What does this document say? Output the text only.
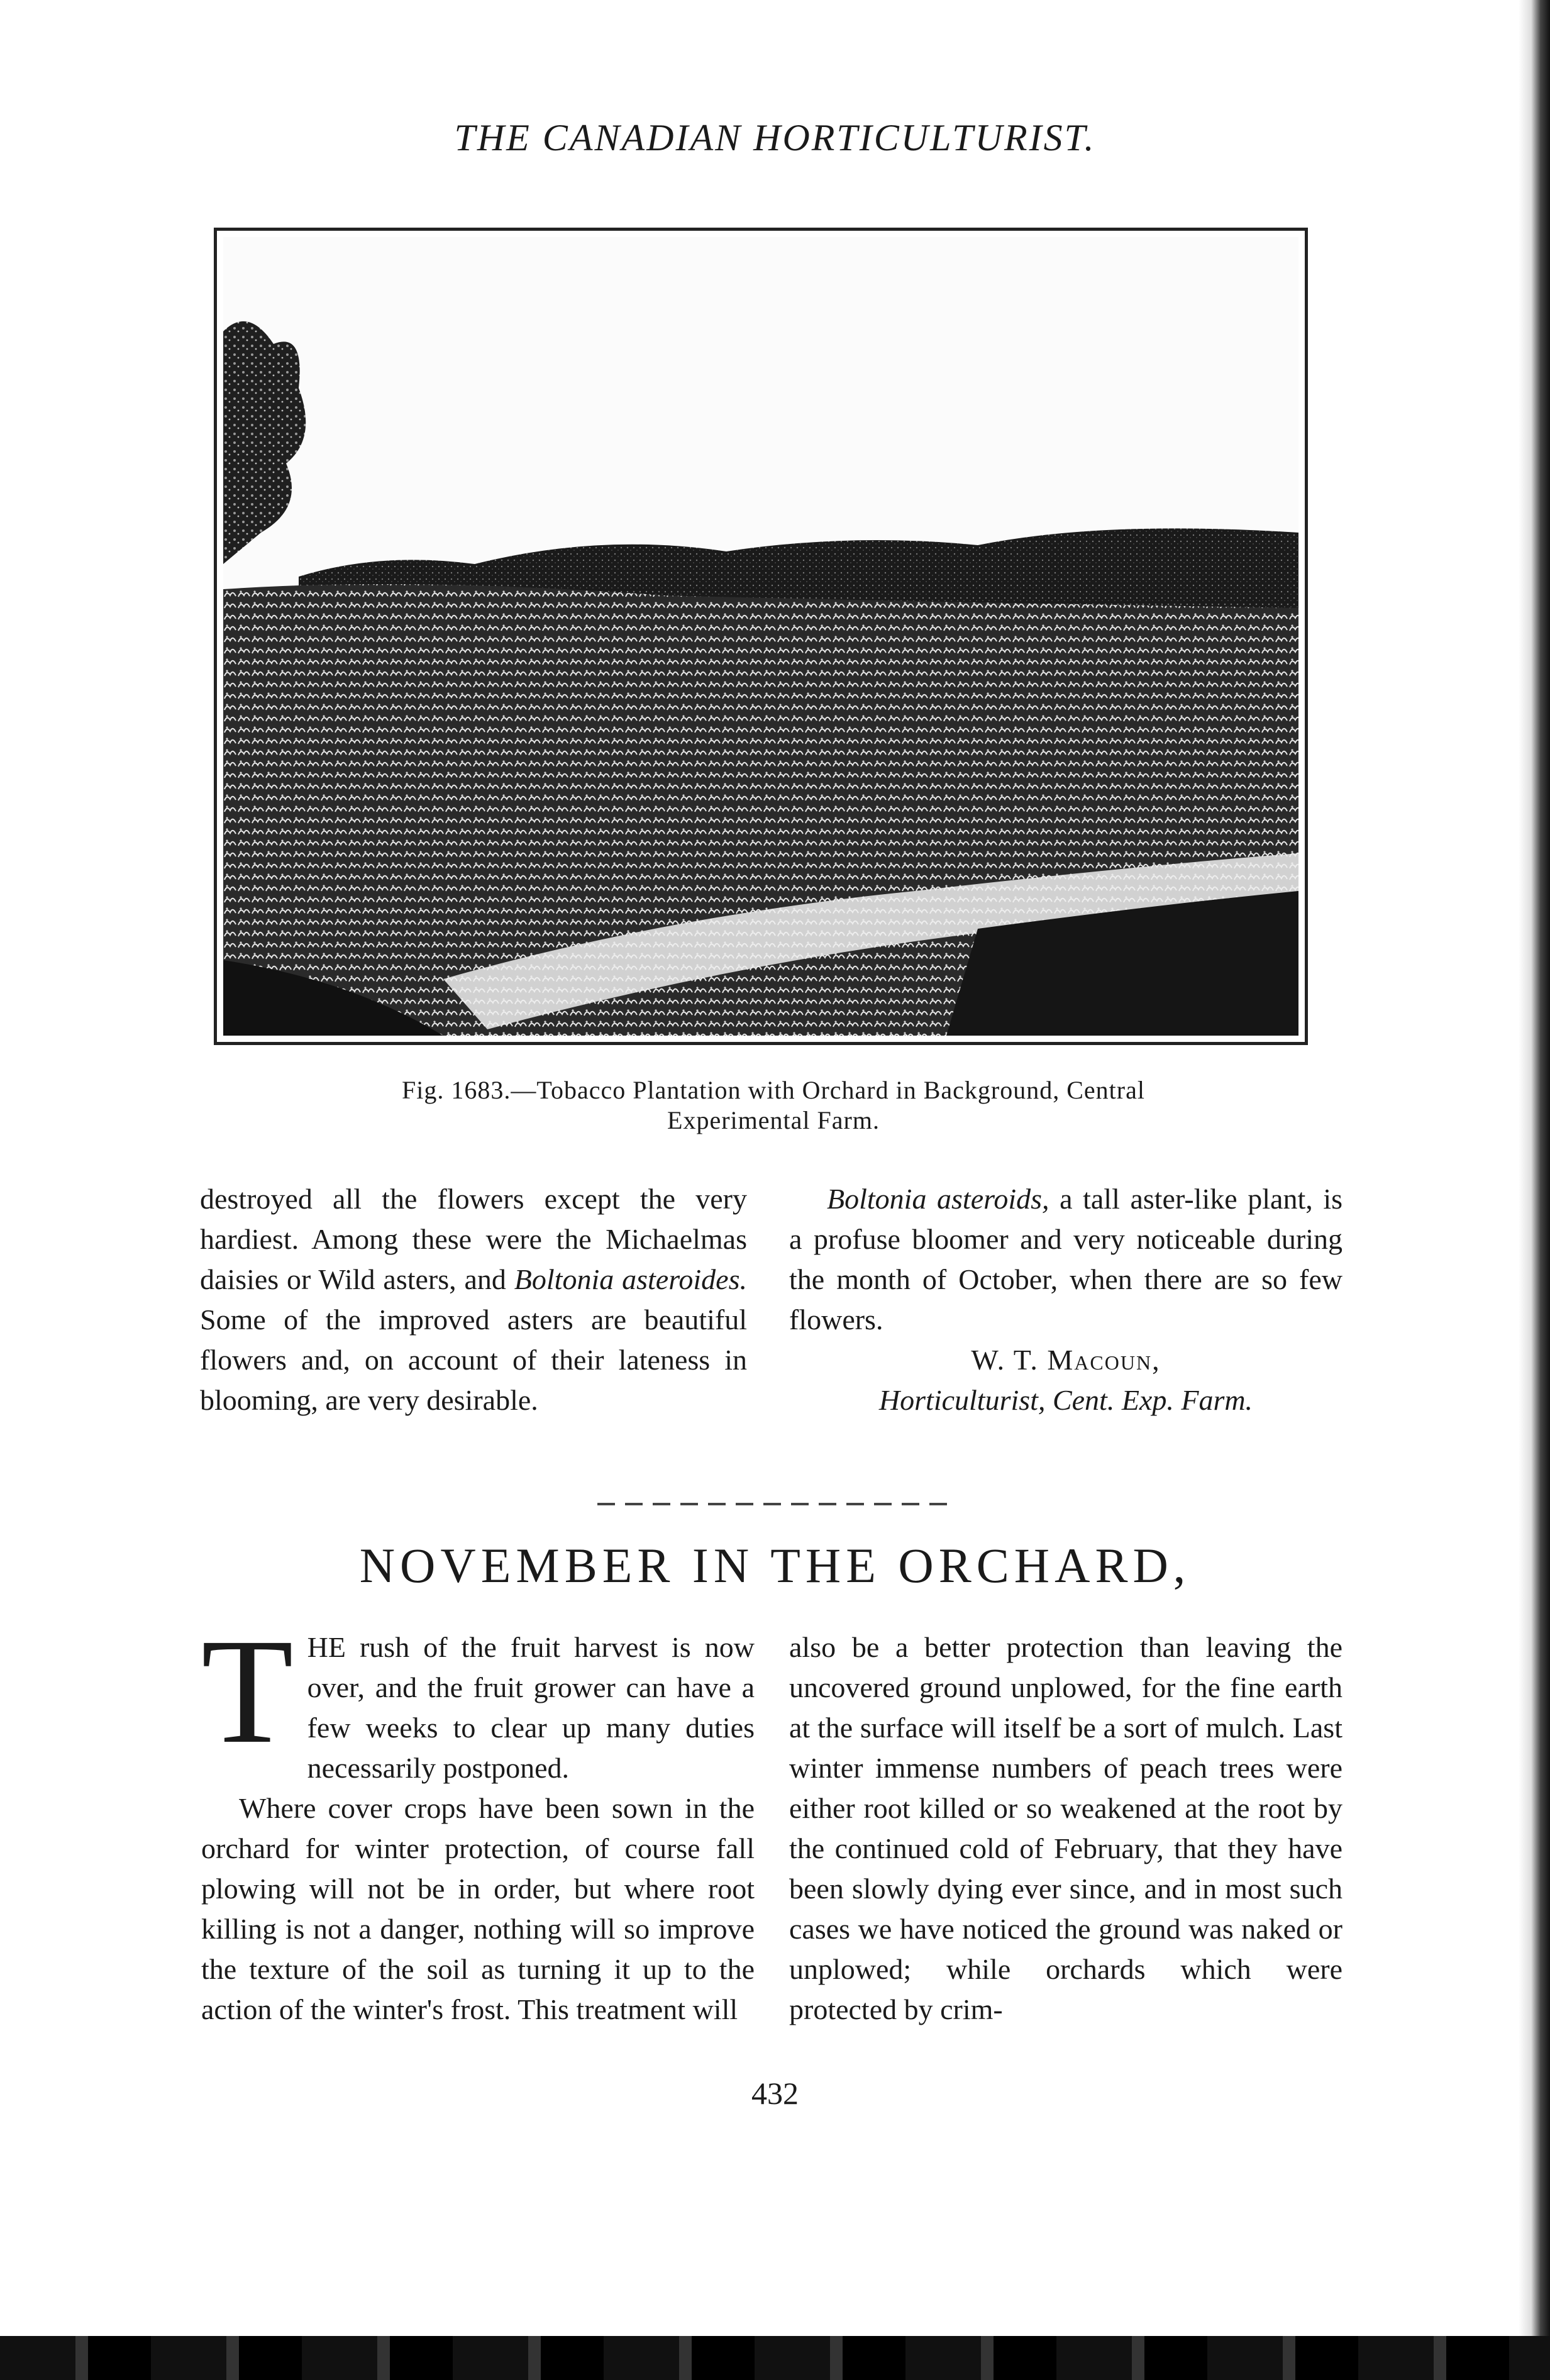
THE CANADIAN HORTICULTURIST.
Fig. 1683.—Tobacco Plantation with Orchard in Background, Central
Experimental Farm.

destroyed all the flowers except the very hardiest. Among these were the Michaelmas daisies or Wild asters, and Boltonia asteroides. Some of the improved asters are beautiful flowers and, on account of their lateness in blooming, are very desirable.

Boltonia asteroids, a tall aster-like plant, is a profuse bloomer and very noticeable during the month of October, when there are so few flowers.

W. T. Macoun,

Horticulturist, Cent. Exp. Farm.

NOVEMBER IN THE ORCHARD,

THE rush of the fruit harvest is now over, and the fruit grower can have a few weeks to clear up many duties necessarily postponed.

Where cover crops have been sown in the orchard for winter protection, of course fall plowing will not be in order, but where root killing is not a danger, nothing will so improve the texture of the soil as turning it up to the action of the winter's frost. This treatment will

also be a better protection than leaving the uncovered ground unplowed, for the fine earth at the surface will itself be a sort of mulch. Last winter immense numbers of peach trees were either root killed or so weakened at the root by the continued cold of February, that they have been slowly dying ever since, and in most such cases we have noticed the ground was naked or unplowed; while orchards which were protected by crim-

432
